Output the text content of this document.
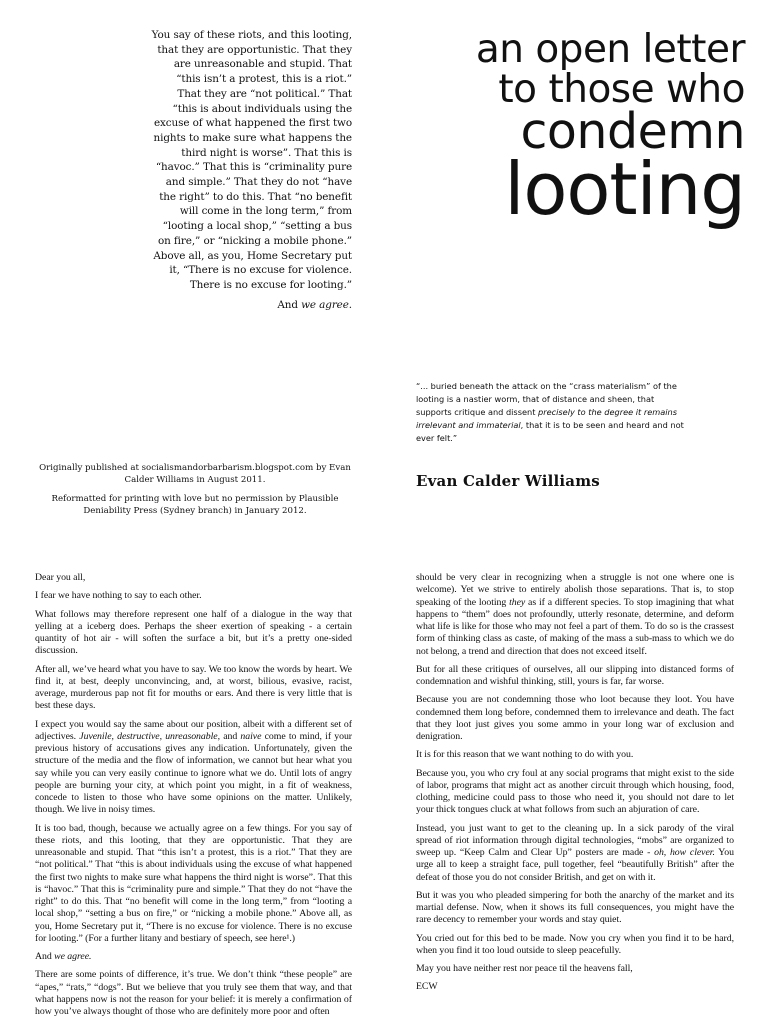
You say of these riots, and this looting, that they are opportunistic. That they are unreasonable and stupid. That “this isn’t a protest, this is a riot.” That they are “not political.” That “this is about individuals using the excuse of what happened the first two nights to make sure what happens the third night is worse”. That this is “havoc.” That this is “criminality pure and simple.” That they do not “have the right” to do this. That “no benefit will come in the long term,” from “looting a local shop,” “setting a bus on fire,” or “nicking a mobile phone.” Above all, as you, Home Secretary put it, “There is no excuse for violence. There is no excuse for looting.”

And we agree.

an open letter
to those who
condemn
looting
“... buried beneath the attack on the “crass materialism” of the looting is a nastier worm, that of distance and sheen, that supports critique and dissent precisely to the degree it remains irrelevant and immaterial, that it is to be seen and heard and not ever felt.”
Evan Calder Williams

Originally published at socialismandorbarbarism.blogspot.com by Evan Calder Williams in August 2011.

Reformatted for printing with love but no permission by Plausible Deniability Press (Sydney branch) in January 2012.

Dear you all,

I fear we have nothing to say to each other.

What follows may therefore represent one half of a dialogue in the way that yelling at a iceberg does. Perhaps the sheer exertion of speaking - a certain quantity of hot air - will soften the surface a bit, but it’s a pretty one-sided discussion.

After all, we’ve heard what you have to say. We too know the words by heart. We find it, at best, deeply unconvincing, and, at worst, bilious, evasive, racist, average, murderous pap not fit for mouths or ears. And there is very little that is best these days.

I expect you would say the same about our position, albeit with a different set of adjectives. Juvenile, destructive, unreasonable, and naive come to mind, if your previous history of accusations gives any indication. Unfortunately, given the structure of the media and the flow of information, we cannot but hear what you say while you can very easily continue to ignore what we do. Until lots of angry people are burning your city, at which point you might, in a fit of weakness, concede to listen to those who have some opinions on the matter. Unlikely, though. We live in noisy times.

It is too bad, though, because we actually agree on a few things. For you say of these riots, and this looting, that they are opportunistic. That they are unreasonable and stupid. That “this isn’t a protest, this is a riot.” That they are “not political.” That “this is about individuals using the excuse of what happened the first two nights to make sure what happens the third night is worse”. That this is “havoc.” That this is “criminality pure and simple.” That they do not “have the right” to do this. That “no benefit will come in the long term,” from “looting a local shop,” “setting a bus on fire,” or “nicking a mobile phone.” Above all, as you, Home Secretary put it, “There is no excuse for violence. There is no excuse for looting.” (For a further litany and bestiary of speech, see here¹.)

And we agree.

There are some points of difference, it’s true. We don’t think “these people” are “apes,” “rats,” “dogs”. But we believe that you truly see them that way, and that what happens now is not the reason for your belief: it is merely a confirmation of how you’ve always thought of those who are definitely more poor and often

should be very clear in recognizing when a struggle is not one where one is welcome). Yet we strive to entirely abolish those separations. That is, to stop speaking of the looting they as if a different species. To stop imagining that what happens to “them” does not profoundly, utterly resonate, determine, and deform what life is like for those who may not feel a part of them. To do so is the crassest form of thinking class as caste, of making of the mass a sub-mass to which we do not belong, a trend and direction that does not exceed itself.

But for all these critiques of ourselves, all our slipping into distanced forms of condemnation and wishful thinking, still, yours is far, far worse.

Because you are not condemning those who loot because they loot. You have condemned them long before, condemned them to irrelevance and death. The fact that they loot just gives you some ammo in your long war of exclusion and denigration.

It is for this reason that we want nothing to do with you.

Because you, you who cry foul at any social programs that might exist to the side of labor, programs that might act as another circuit through which housing, food, clothing, medicine could pass to those who need it, you should not dare to let your thick tongues cluck at what follows from such an abjuration of care.

Instead, you just want to get to the cleaning up. In a sick parody of the viral spread of riot information through digital technologies, “mobs” are organized to sweep up. “Keep Calm and Clear Up” posters are made - oh, how clever. You urge all to keep a straight face, pull together, feel “beautifully British” after the defeat of those you do not consider British, and get on with it.

But it was you who pleaded simpering for both the anarchy of the market and its martial defense. Now, when it shows its full consequences, you might have the rare decency to remember your words and stay quiet.

You cried out for this bed to be made. Now you cry when you find it to be hard, when you find it too loud outside to sleep peacefully.

May you have neither rest nor peace til the heavens fall,

ECW
